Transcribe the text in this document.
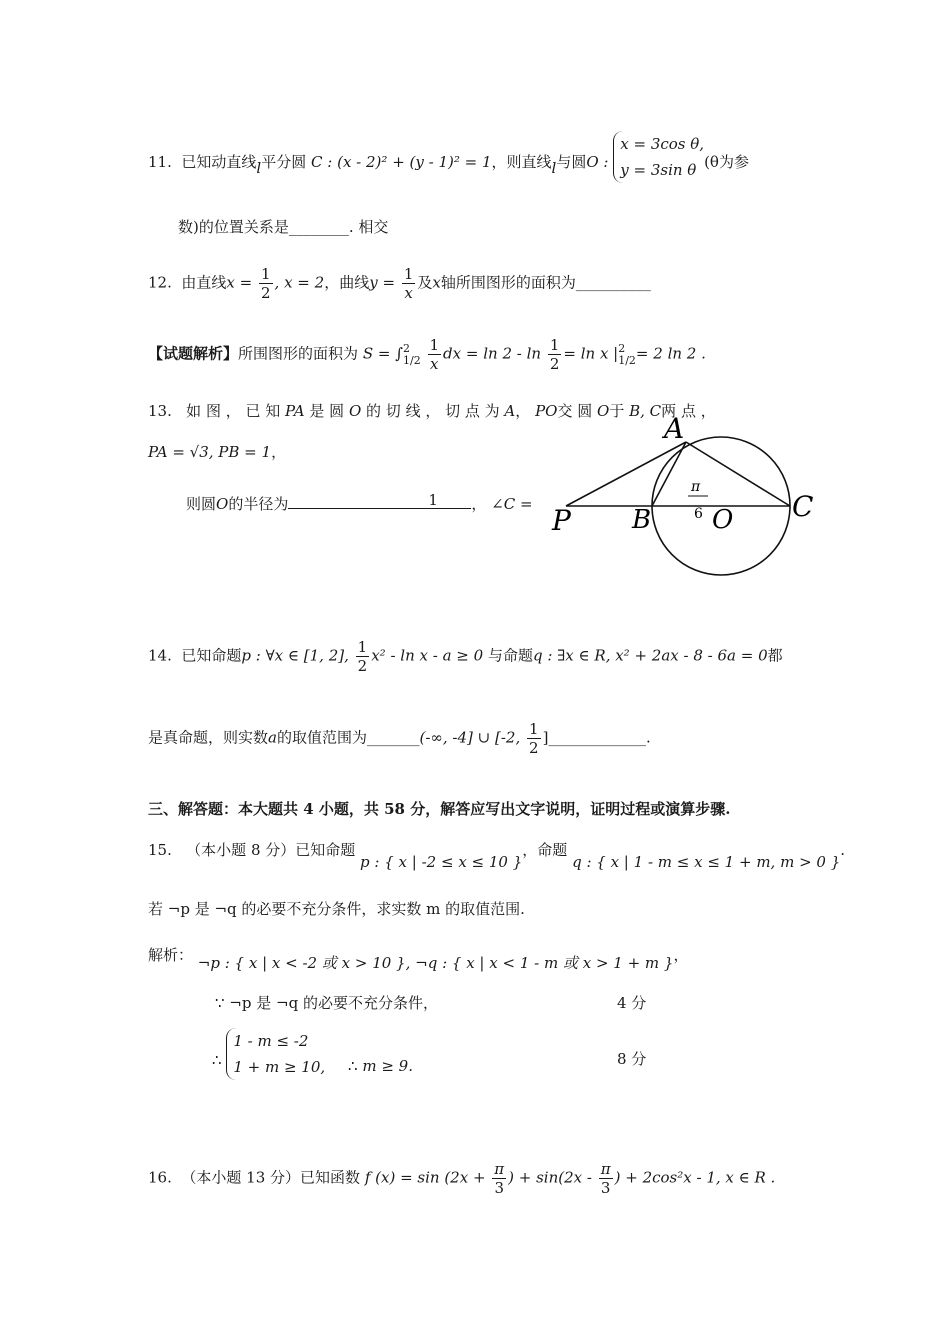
11. 已知动直线l平分圆 C : (x - 2)² + (y - 1)² = 1，则直线l与圆O :
x = 3cos θ,
y = 3sin θ (θ为参
数)的位置关系是________. 相交
12. 由直线$x = \frac{1}{2}$ , x = 2，曲线$y = \frac{1}{x}$ 及x轴所围图形的面积为__________
【试题解析】所围图形的面积为 S = ∫ 2
1/2
$\frac{1}{x}$ dx = $\ln 2 - \ln \frac{1}{2} = \ln x$ | 2
1/2 = 2 ln 2 .
13. 如 图 ， 已 知 PA 是 圆 O 的 切 线 ， 切 点 为 A， PO交 圆 O于 B, C两 点 ，
PA = √3, PB = 1，
则圆O的半径为	1 ， ∠C =
A
P B O C
π
6
14. 已知命题p : ∀x ∈ [1, 2], $\frac{1}{2} x^2 - \ln x - a \ge 0$ 与命题q : ∃x ∈ R, x² + 2ax - 8 - 6a = 0都
是真命题，则实数a的取值范围为_______(-∞, -4] ∪ [-2, $\frac{1}{2}$ ]_____________.
三、解答题：本大题共 4 小题，共 58 分，解答应写出文字说明，证明过程或演算步骤.
15. （本小题 8 分）已知命题 p : { x | -2 ≤ x ≤ 10 }，命题 q : { x | 1 - m ≤ x ≤ 1 + m, m > 0 }.
若 ¬p 是 ¬q 的必要不充分条件，求实数 m 的取值范围.
解析： ¬p : { x | x < -2 或 x > 10 }, ¬q : { x | x < 1 - m 或 x > 1 + m }，
∵ ¬p 是 ¬q 的必要不充分条件，	4 分
∴
1 - m ≤ -2
1 + m ≥ 10, ∴ m ≥ 9.	8 分
16. （本小题 13 分）已知函数 f $(x) = \sin (2x + \frac{\pi}{3}$ ) + $\sin(2x - \frac{\pi}{3}$ ) + 2cos²x - 1, x ∈ R .
